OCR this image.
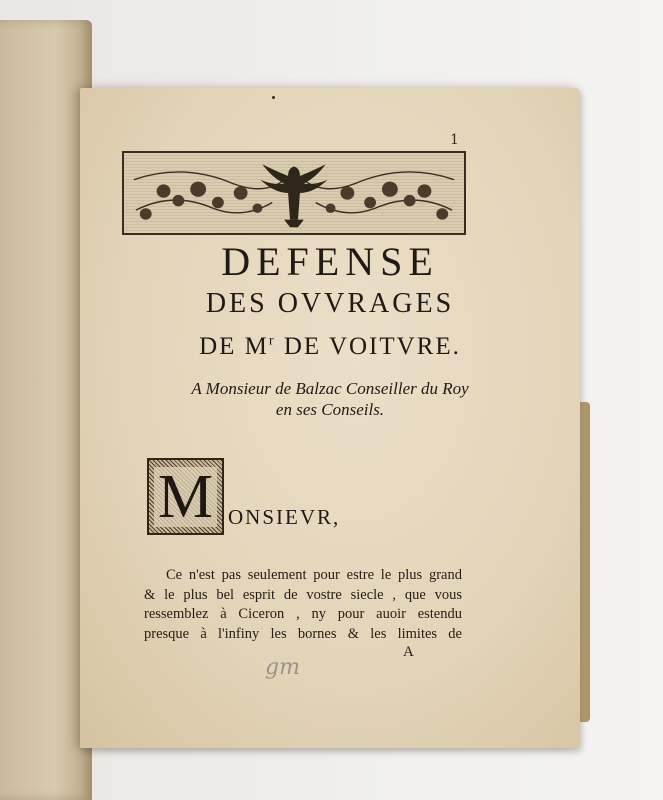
1
DEFENSE
DES OVVRAGES
DE $M^r$ DE VOITVRE.
A Monsieur de Balzac Conseiller du Roy
en ses Conseils.
M ONSIEVR,
Ce n'est pas seulement pour estre le plus grand
& le plus bel esprit de vostre siecle , que vous
ressemblez à Ciceron , ny pour auoir estendu
presque à l'infiny les bornes & les limites de
A
gm
